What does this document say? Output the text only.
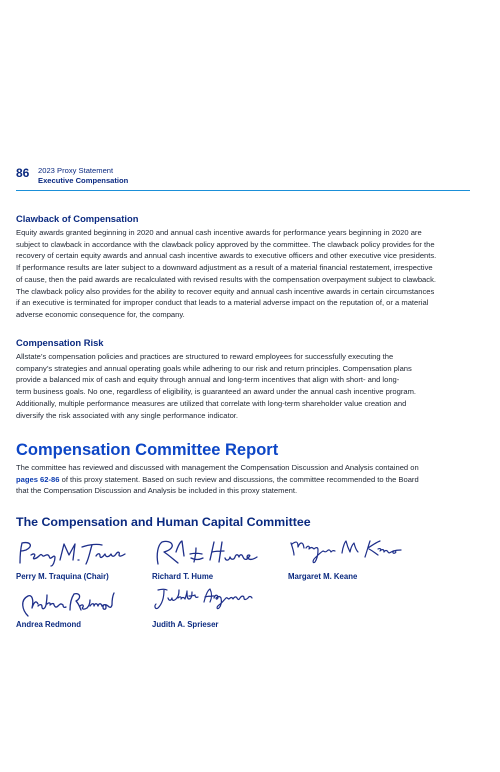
86 2023 Proxy Statement
Executive Compensation
Clawback of Compensation
Equity awards granted beginning in 2020 and annual cash incentive awards for performance years beginning in 2020 are
subject to clawback in accordance with the clawback policy approved by the committee. The clawback policy provides for the
recovery of certain equity awards and annual cash incentive awards to executive officers and other executive vice presidents.
If performance results are later subject to a downward adjustment as a result of a material financial restatement, irrespective
of cause, then the paid awards are recalculated with revised results with the compensation overpayment subject to clawback.
The clawback policy also provides for the ability to recover equity and annual cash incentive awards in certain circumstances
if an executive is terminated for improper conduct that leads to a material adverse impact on the reputation of, or a material
adverse economic consequence for, the company.
Compensation Risk
Allstate’s compensation policies and practices are structured to reward employees for successfully executing the
company’s strategies and annual operating goals while adhering to our risk and return principles. Compensation plans
provide a balanced mix of cash and equity through annual and long-term incentives that align with short- and long-
term business goals. No one, regardless of eligibility, is guaranteed an award under the annual cash incentive program.
Additionally, multiple performance measures are utilized that correlate with long-term shareholder value creation and
diversify the risk associated with any single performance indicator.
Compensation Committee Report
The committee has reviewed and discussed with management the Compensation Discussion and Analysis contained on
pages 62-86 of this proxy statement. Based on such review and discussions, the committee recommended to the Board
that the Compensation Discussion and Analysis be included in this proxy statement.
The Compensation and Human Capital Committee
Perry M. Traquina (Chair)	Richard T. Hume	Margaret M. Keane
Andrea Redmond	Judith A. Sprieser
